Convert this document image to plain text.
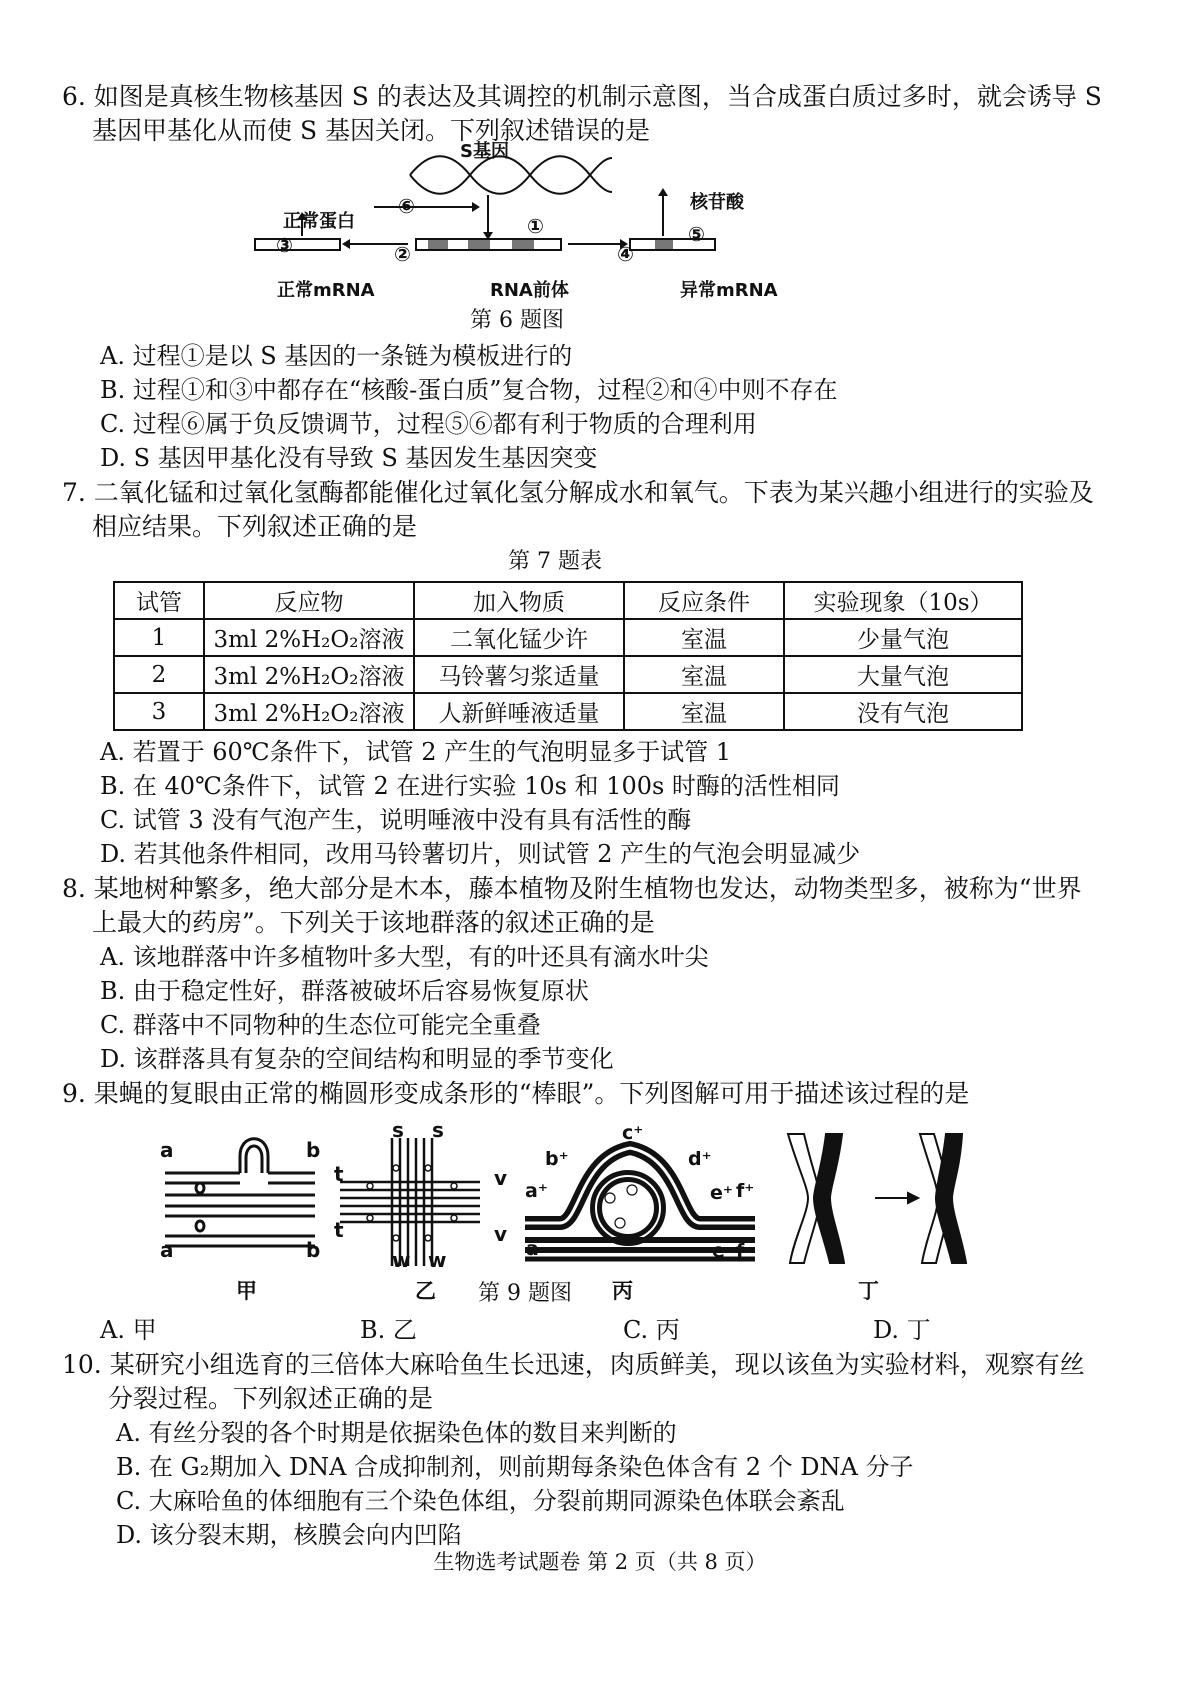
6. 如图是真核生物核基因 S 的表达及其调控的机制示意图，当合成蛋白质过多时，就会诱导 S
基因甲基化从而使 S 基因关闭。下列叙述错误的是
S基因
核苷酸
正常蛋白
⑥
①
③	②	④
⑤
正常mRNA	RNA前体	异常mRNA
第 6 题图
A. 过程①是以 S 基因的一条链为模板进行的
B. 过程①和③中都存在“核酸-蛋白质”复合物，过程②和④中则不存在
C. 过程⑥属于负反馈调节，过程⑤⑥都有利于物质的合理利用
D. S 基因甲基化没有导致 S 基因发生基因突变
7. 二氧化锰和过氧化氢酶都能催化过氧化氢分解成水和氧气。下表为某兴趣小组进行的实验及
相应结果。下列叙述正确的是
第 7 题表
试管	反应物	加入物质	反应条件	实验现象（10s）
1	3ml 2%H₂O₂溶液	二氧化锰少许	室温	少量气泡
2	3ml 2%H₂O₂溶液	马铃薯匀浆适量	室温	大量气泡
3	3ml 2%H₂O₂溶液	人新鲜唾液适量	室温	没有气泡
A. 若置于 60℃条件下，试管 2 产生的气泡明显多于试管 1
B. 在 40℃条件下，试管 2 在进行实验 10s 和 100s 时酶的活性相同
C. 试管 3 没有气泡产生，说明唾液中没有具有活性的酶
D. 若其他条件相同，改用马铃薯切片，则试管 2 产生的气泡会明显减少
8. 某地树种繁多，绝大部分是木本，藤本植物及附生植物也发达，动物类型多，被称为“世界
上最大的药房”。下列关于该地群落的叙述正确的是
A. 该地群落中许多植物叶多大型，有的叶还具有滴水叶尖
B. 由于稳定性好，群落被破坏后容易恢复原状
C. 群落中不同物种的生态位可能完全重叠
D. 该群落具有复杂的空间结构和明显的季节变化
9. 果蝇的复眼由正常的椭圆形变成条形的“棒眼”。下列图解可用于描述该过程的是
a	b
a	b
甲
s s
t
t
v
v
w w
乙
b⁺
c⁺
d⁺
a⁺	e⁺ f⁺
a	e f
丙
第 9 题图	丁
A. 甲	B. 乙	C. 丙	D. 丁
10. 某研究小组选育的三倍体大麻哈鱼生长迅速，肉质鲜美，现以该鱼为实验材料，观察有丝
分裂过程。下列叙述正确的是
A. 有丝分裂的各个时期是依据染色体的数目来判断的
B. 在 G₂期加入 DNA 合成抑制剂，则前期每条染色体含有 2 个 DNA 分子
C. 大麻哈鱼的体细胞有三个染色体组，分裂前期同源染色体联会紊乱
D. 该分裂末期，核膜会向内凹陷
生物选考试题卷 第 2 页（共 8 页）
